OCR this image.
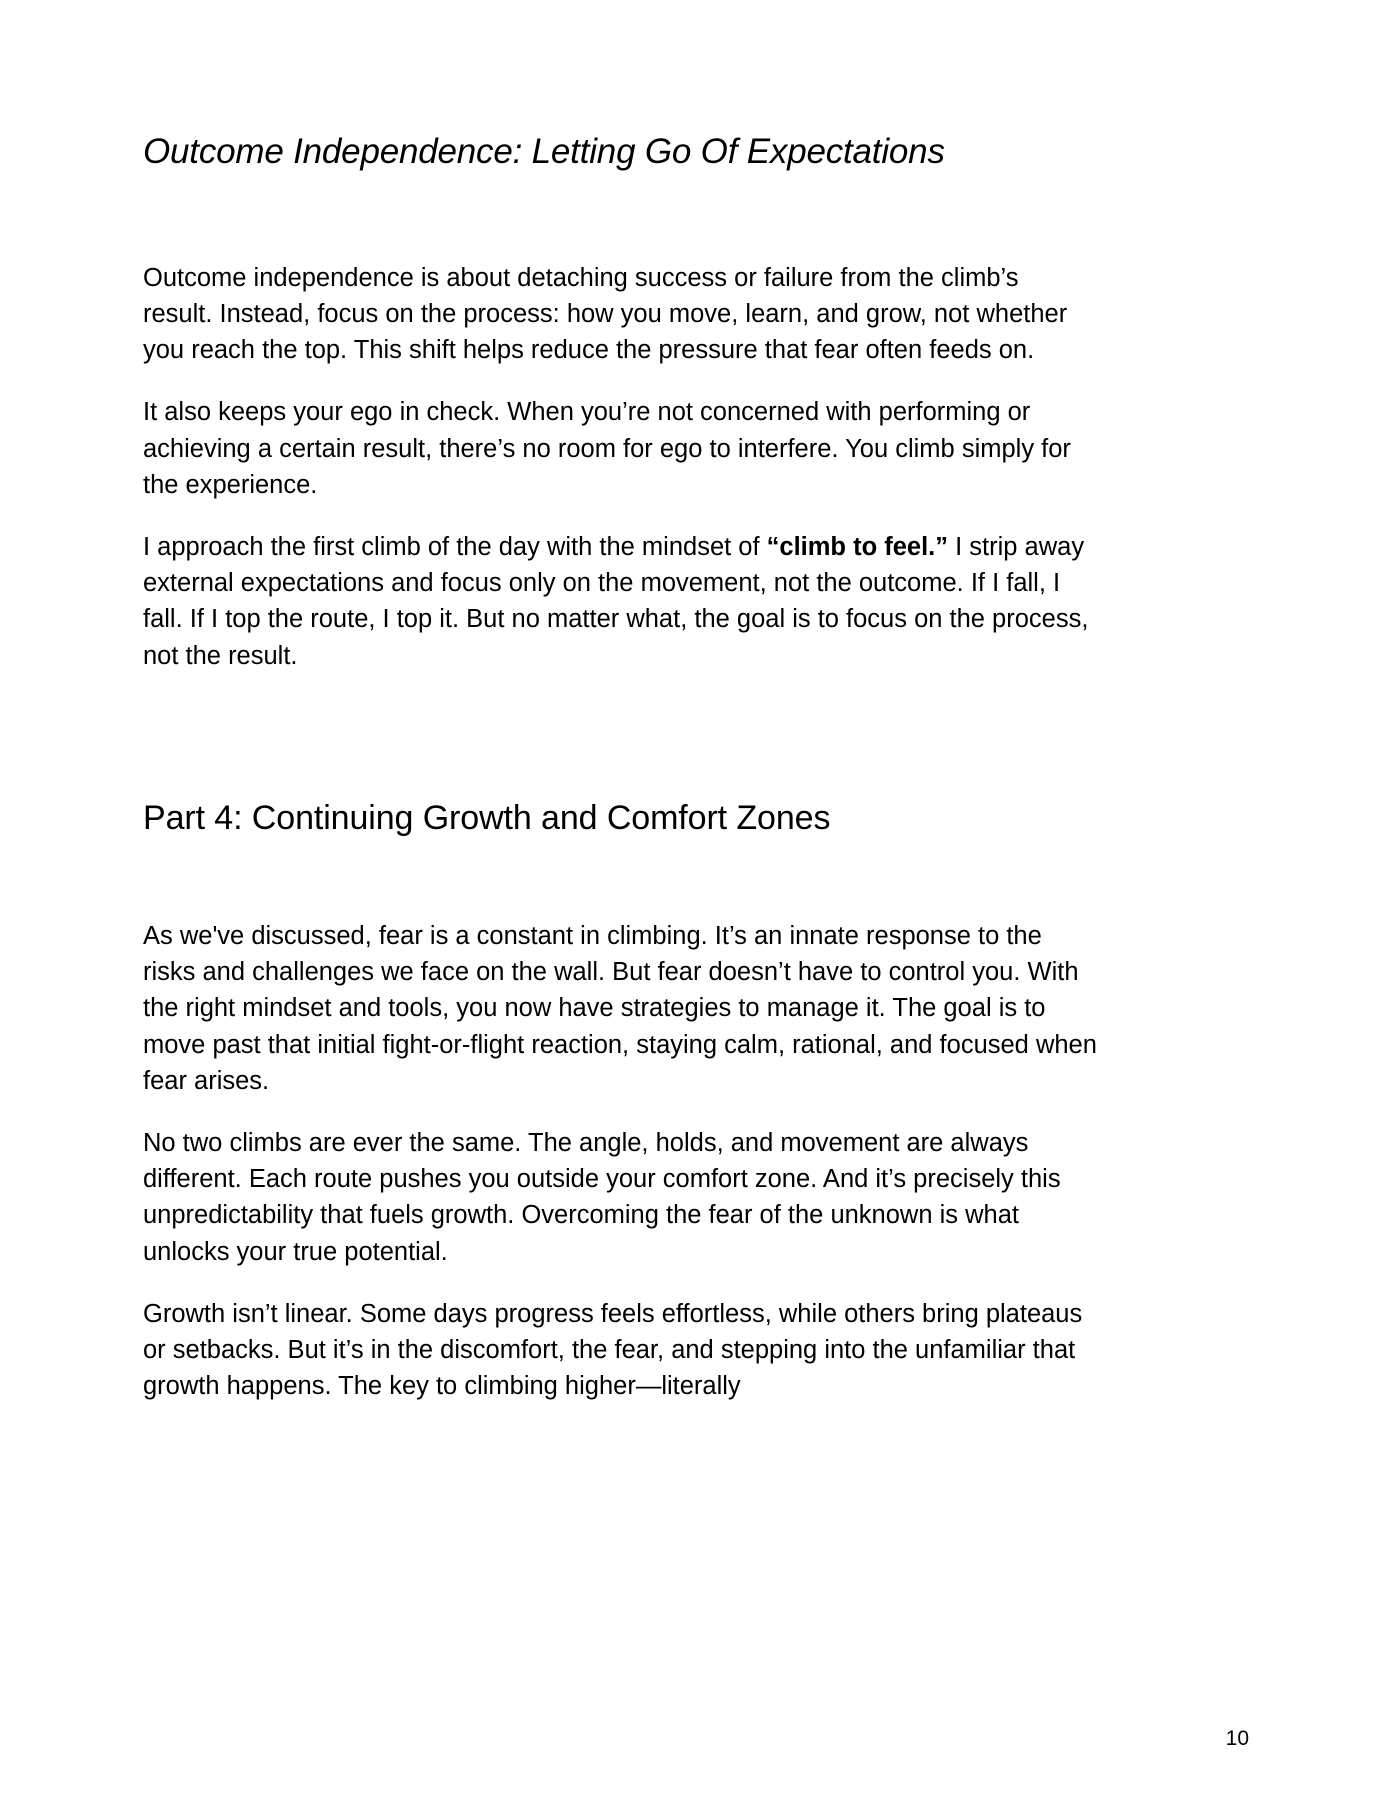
Outcome Independence: Letting Go Of Expectations

Outcome independence is about detaching success or failure from the climb’s result. Instead, focus on the process: how you move, learn, and grow, not whether you reach the top. This shift helps reduce the pressure that fear often feeds on.

It also keeps your ego in check. When you’re not concerned with performing or achieving a certain result, there’s no room for ego to interfere. You climb simply for the experience.

I approach the first climb of the day with the mindset of “climb to feel.” I strip away external expectations and focus only on the movement, not the outcome. If I fall, I fall. If I top the route, I top it. But no matter what, the goal is to focus on the process, not the result.

Part 4: Continuing Growth and Comfort Zones

As we've discussed, fear is a constant in climbing. It’s an innate response to the risks and challenges we face on the wall. But fear doesn’t have to control you. With the right mindset and tools, you now have strategies to manage it. The goal is to move past that initial fight-or-flight reaction, staying calm, rational, and focused when fear arises.

No two climbs are ever the same. The angle, holds, and movement are always different. Each route pushes you outside your comfort zone. And it’s precisely this unpredictability that fuels growth. Overcoming the fear of the unknown is what unlocks your true potential.

Growth isn’t linear. Some days progress feels effortless, while others bring plateaus or setbacks. But it’s in the discomfort, the fear, and stepping into the unfamiliar that growth happens. The key to climbing higher—literally

10
